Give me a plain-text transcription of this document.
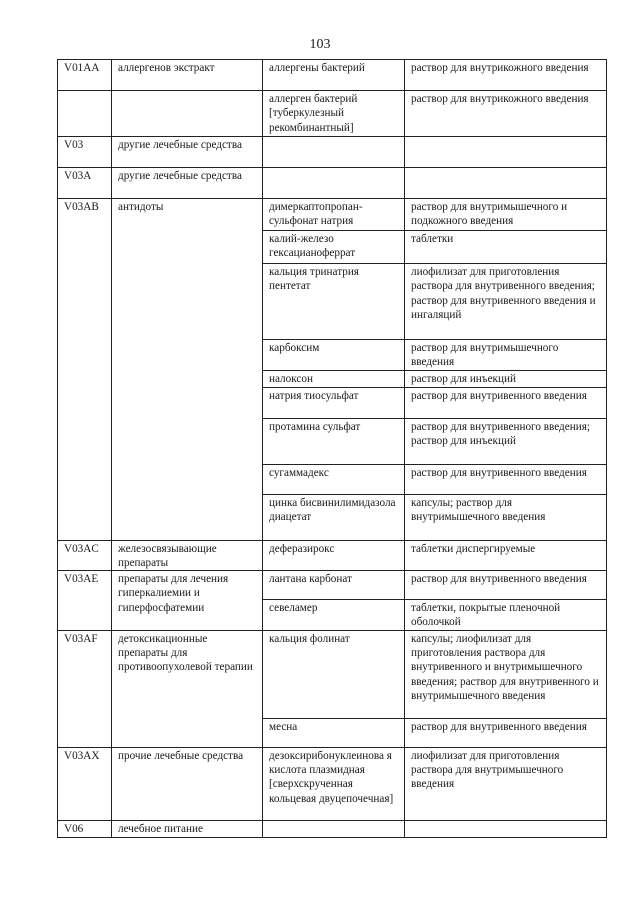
103
V01AA	аллергенов экстракт	аллергены бактерий	раствор для внутрикожного введения
		аллерген бактерий [туберкулезный рекомбинантный]	раствор для внутрикожного введения
V03	другие лечебные средства		
V03A	другие лечебные средства		
V03AB	антидоты	димеркаптопропан-сульфонат натрия	раствор для внутримышечного и подкожного введения
		калий-железо гексацианоферрат	таблетки
		кальция тринатрия пентетат	лиофилизат для приготовления раствора для внутривенного введения; раствор для внутривенного введения и ингаляций
		карбоксим	раствор для внутримышечного введения
		налоксон	раствор для инъекций
		натрия тиосульфат	раствор для внутривенного введения
		протамина сульфат	раствор для внутривенного введения;
раствор для инъекций
		сугаммадекс	раствор для внутривенного введения
		цинка бисвинилимидазола диацетат	капсулы; раствор для внутримышечного введения
V03AC	железосвязывающие препараты	деферазирокс	таблетки диспергируемые
V03AE	препараты для лечения гиперкалиемии и гиперфосфатемии	лантана карбонат	раствор для внутривенного введения
		севеламер	таблетки, покрытые пленочной оболочкой
V03AF	детоксикационные препараты для противоопухолевой терапии	кальция фолинат	капсулы; лиофилизат для приготовления раствора для внутривенного и внутримышечного введения; раствор для внутривенного и внутримышечного введения
		месна	раствор для внутривенного введения
V03AX	прочие лечебные средства	дезоксирибонуклеинова я кислота плазмидная [сверхскрученная кольцевая двуцепочечная]	лиофилизат для приготовления раствора для внутримышечного введения
V06	лечебное питание		
